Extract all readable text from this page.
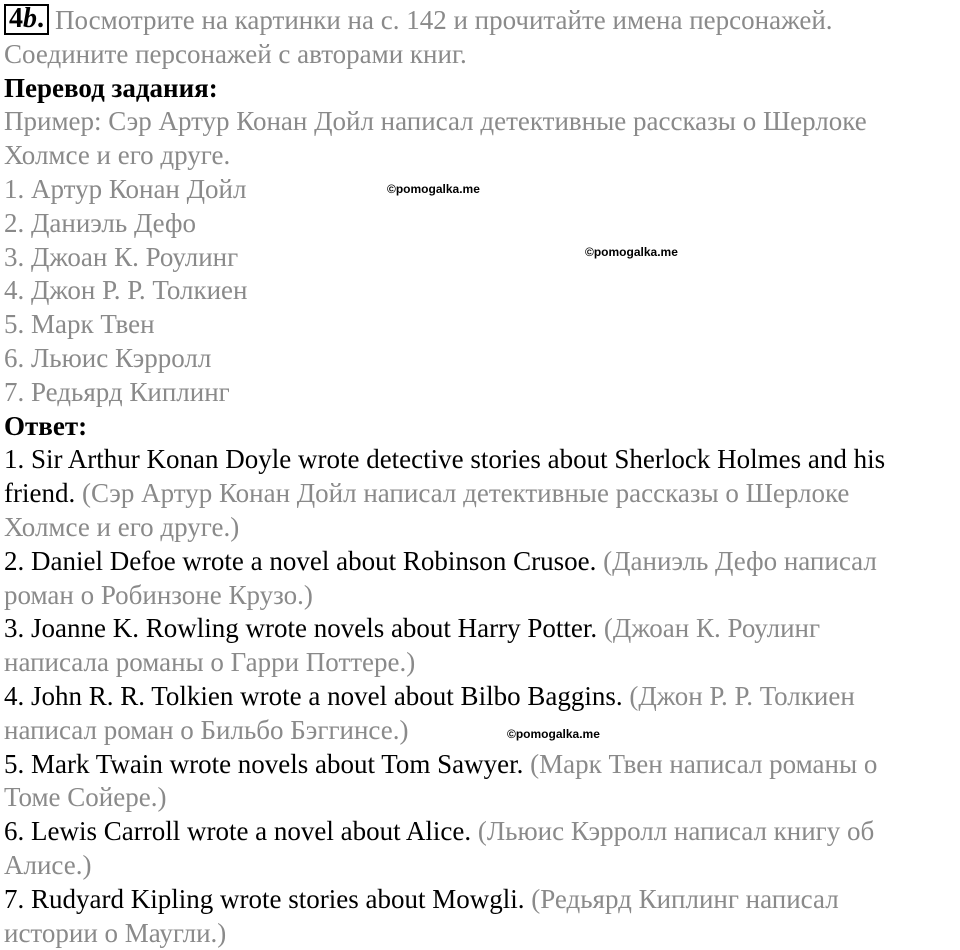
4b. Посмотрите на картинки на с. 142 и прочитайте имена персонажей.
Соедините персонажей с авторами книг.
Перевод задания:
Пример: Сэр Артур Конан Дойл написал детективные рассказы о Шерлоке
Холмсе и его друге.
1. Артур Конан Дойл
2. Даниэль Дефо
3. Джоан К. Роулинг
4. Джон Р. Р. Толкиен
5. Марк Твен
6. Льюис Кэрролл
7. Редьярд Киплинг
Ответ:
1. Sir Arthur Konan Doyle wrote detective stories about Sherlock Holmes and his
friend. (Сэр Артур Конан Дойл написал детективные рассказы о Шерлоке
Холмсе и его друге.)
2. Daniel Defoe wrote a novel about Robinson Crusoe. (Даниэль Дефо написал
роман о Робинзоне Крузо.)
3. Joanne K. Rowling wrote novels about Harry Potter. (Джоан К. Роулинг
написала романы о Гарри Поттере.)
4. John R. R. Tolkien wrote a novel about Bilbo Baggins. (Джон Р. Р. Толкиен
написал роман о Бильбо Бэггинсе.)
5. Mark Twain wrote novels about Tom Sawyer. (Марк Твен написал романы о
Томе Сойере.)
6. Lewis Carroll wrote a novel about Alice. (Льюис Кэрролл написал книгу об
Алисе.)
7. Rudyard Kipling wrote stories about Mowgli. (Редьярд Киплинг написал
истории о Маугли.)
©pomogalka.me
©pomogalka.me
©pomogalka.me
